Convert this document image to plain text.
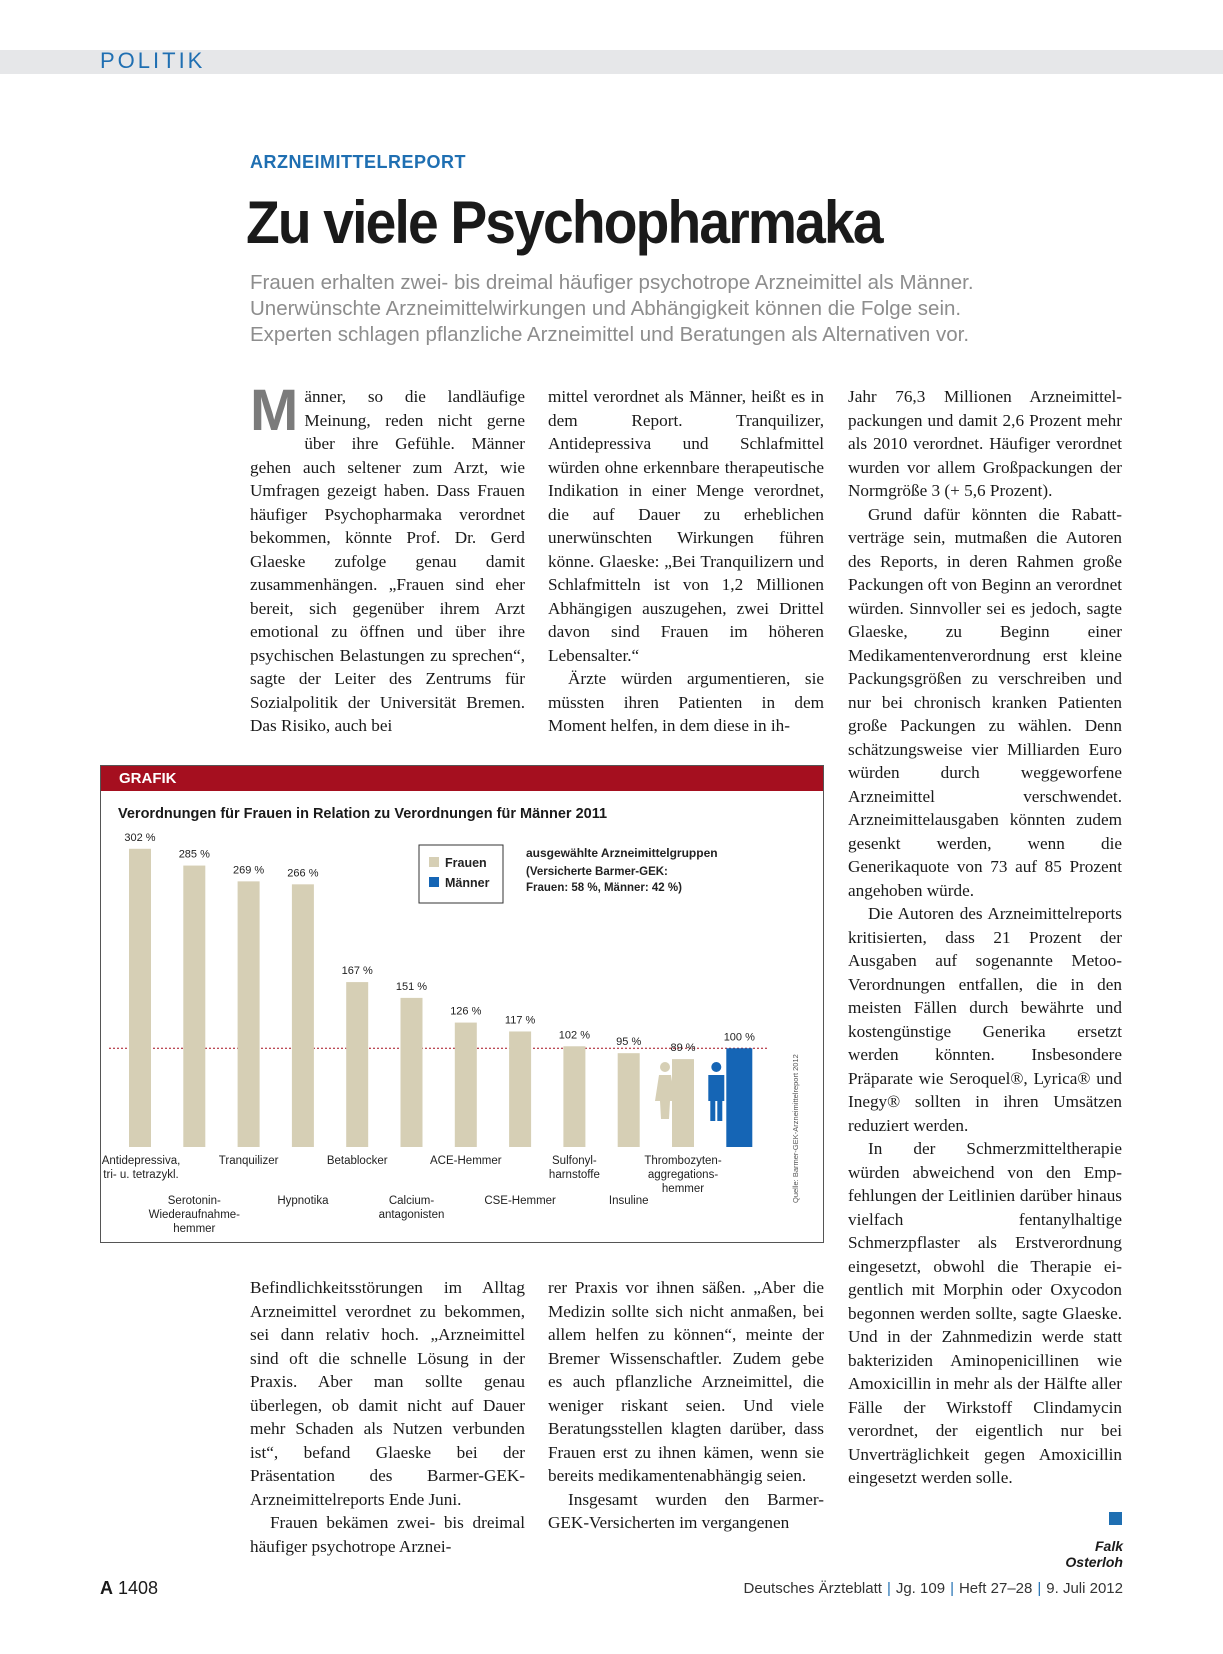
POLITIK
ARZNEIMITTELREPORT
Zu viele Psychopharmaka
Frauen erhalten zwei- bis dreimal häufiger psychotrope Arzneimittel als Männer.
Unerwünschte Arzneimittelwirkungen und Abhängigkeit können die Folge sein.
Experten schlagen pflanzliche Arzneimittel und Beratungen als Alternativen vor.

Männer, so die landläufige Meinung, reden nicht gerne über ihre Gefühle. Männer gehen auch seltener zum Arzt, wie Umfragen gezeigt haben. Dass Frauen häufiger Psychopharmaka verordnet bekommen, könnte Prof. Dr. Gerd Glaeske zufolge genau damit zusammenhängen. „Frauen sind eher bereit, sich gegenüber ihrem Arzt emotional zu öffnen und über ihre psychischen Belastungen zu sprechen“, sagte der Leiter des Zentrums für Sozialpolitik der Universität Bremen. Das Risiko, auch bei

mittel verordnet als Männer, heißt es in dem Report. Tranquilizer, Antidepressiva und Schlafmittel würden ohne erkennbare therapeutische Indikation in einer Menge verordnet, die auf Dauer zu erheblichen unerwünschten Wirkungen führen könne. Glaeske: „Bei Tranquilizern und Schlafmitteln ist von 1,2 Millionen Abhängigen auszugehen, zwei Drittel davon sind Frauen im höheren Lebensalter.“

Ärzte würden argumentieren, sie müssten ihren Patienten in dem Moment helfen, in dem diese in ih-

Jahr 76,3 Millionen Arzneimittelpackungen und damit 2,6 Prozent mehr als 2010 verordnet. Häufiger verordnet wurden vor allem Großpackungen der Normgröße 3 (+ 5,6 Prozent).

Grund dafür könnten die Rabattverträge sein, mutmaßen die Autoren des Reports, in deren Rahmen große Packungen oft von Beginn an verordnet würden. Sinnvoller sei es jedoch, sagte Glaeske, zu Beginn einer Medikamentenverordnung erst kleine Packungsgrößen zu verschreiben und nur bei chronisch kranken Patienten große Packungen zu wählen. Denn schätzungsweise vier Milliarden Euro würden durch weggeworfene Arzneimittel verschwendet. Arzneimittelausgaben könnten zudem gesenkt werden, wenn die Generikaquote von 73 auf 85 Prozent angehoben würde.

Die Autoren des Arzneimittelreports kritisierten, dass 21 Prozent der Ausgaben auf sogenannte Metoo-Verordnungen entfallen, die in den meisten Fällen durch bewährte und kostengünstige Generika ersetzt werden könnten. Insbesondere Präparate wie Seroquel®, Lyrica® und Inegy® sollten in ihren Umsätzen reduziert werden.

In der Schmerzmitteltherapie würden abweichend von den Empfehlungen der Leitlinien darüber hinaus vielfach fentanylhaltige Schmerzpflaster als Erstverordnung eingesetzt, obwohl die Therapie eigentlich mit Morphin oder Oxycodon begonnen werden sollte, sagte Glaeske. Und in der Zahnmedizin werde statt bakteriziden Aminopenicillinen wie Amoxicillin in mehr als der Hälfte aller Fälle der Wirkstoff Clindamycin verordnet, der eigentlich nur bei Unverträglichkeit gegen Amoxicillin eingesetzt werden solle.

Falk Osterloh

Befindlichkeitsstörungen im Alltag Arzneimittel verordnet zu bekommen, sei dann relativ hoch. „Arzneimittel sind oft die schnelle Lösung in der Praxis. Aber man sollte genau überlegen, ob damit nicht auf Dauer mehr Schaden als Nutzen verbunden ist“, befand Glaeske bei der Präsentation des Barmer-GEK-Arzneimittelreports Ende Juni.

Frauen bekämen zwei- bis dreimal häufiger psychotrope Arznei-

rer Praxis vor ihnen säßen. „Aber die Medizin sollte sich nicht anmaßen, bei allem helfen zu können“, meinte der Bremer Wissenschaftler. Zudem gebe es auch pflanzliche Arzneimittel, die weniger riskant seien. Und viele Beratungsstellen klagten darüber, dass Frauen erst zu ihnen kämen, wenn sie bereits medikamentenabhängig seien.

Insgesamt wurden den Barmer-GEK-Versicherten im vergangenen

GRAFIK
Verordnungen für Frauen in Relation zu Verordnungen für Männer 2011
302 %
Antidepressiva, tri- u. tetrazykl.
285 %
Serotonin-Wiederaufnahme-hemmer
269 %
Tranquilizer
266 %
Hypnotika
167 %
Betablocker
151 %
Calcium-antagonisten
126 %
ACE-Hemmer
117 %
CSE-Hemmer
102 %
Sulfonyl-harnstoffe
95 %
Insuline
89 %
Thrombozyten-aggregations-hemmer
100 %
Frauen
Männer
ausgewählte Arzneimittelgruppen
(Versicherte Barmer-GEK:
Frauen: 58 %, Männer: 42 %)
Quelle: Barmer-GEK-Arzneimittelreport 2012
A 1408	Deutsches Ärzteblatt | Jg. 109 | Heft 27–28 | 9. Juli 2012
